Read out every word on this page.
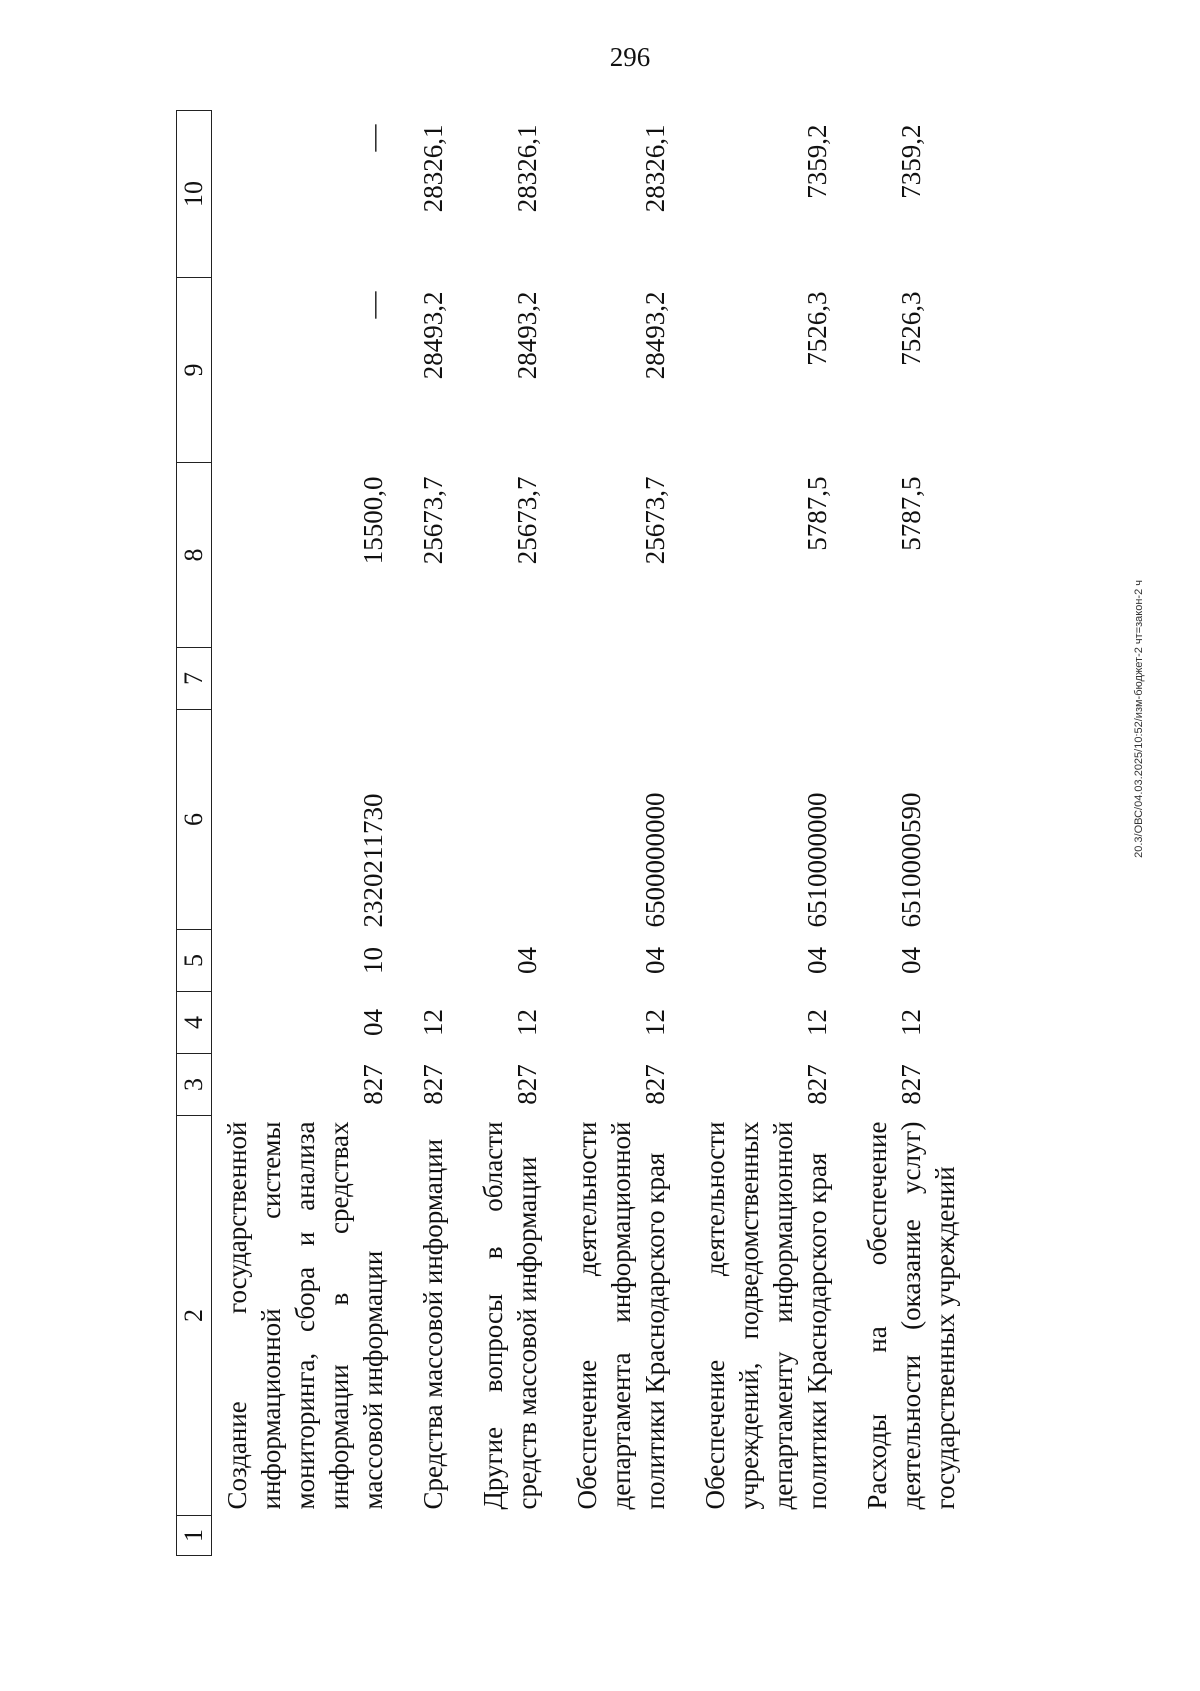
296
1	2	3	4	5	6	7	8	9	10
	Создание государственной информационной системы мониторинга, сбора и анализа информации в средствах массовой информации	827	04	10	2320211730		15500,0	—	—

	Средства массовой информации	827	12				25673,7	28493,2	28326,1

	Другие вопросы в области средств массовой информации	827	12	04			25673,7	28493,2	28326,1

	Обеспечение деятельности департамента информационной политики Краснодарского края	827	12	04	6500000000		25673,7	28493,2	28326,1

	Обеспечение деятельности учреждений, подведомственных департаменту информационной политики Краснодарского края	827	12	04	6510000000		5787,5	7526,3	7359,2

	Расходы на обеспечение деятельности (оказание услуг) государственных учреждений	827	12	04	6510000590		5787,5	7526,3	7359,2
20.3/ОВС/04.03.2025/10:52/изм-бюджет-2 чт=закон-2 ч
